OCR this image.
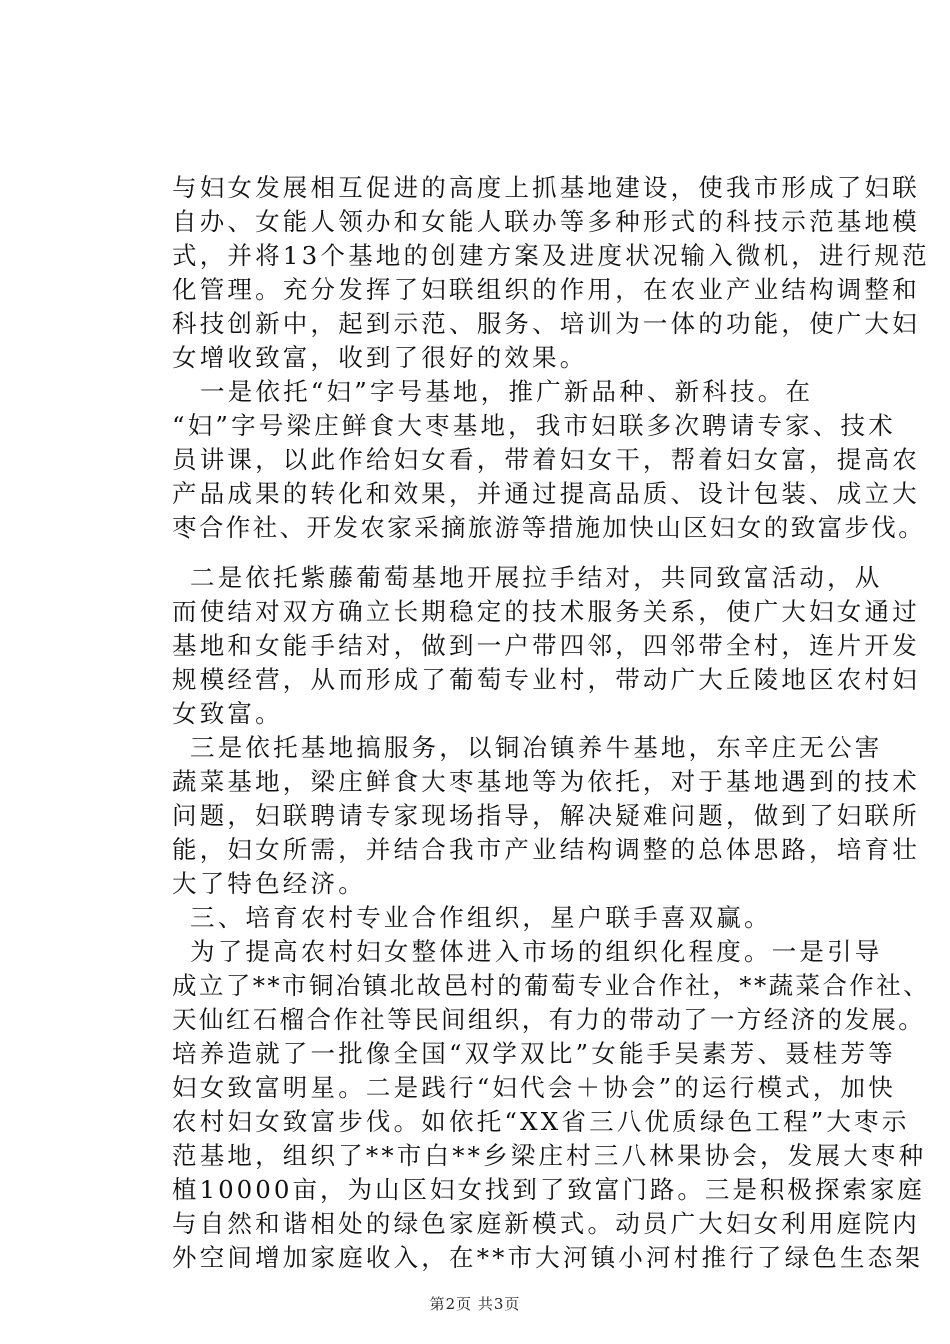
与妇女发展相互促进的高度上抓基地建设，使我市形成了妇联
自办、女能人领办和女能人联办等多种形式的科技示范基地模
式，并将13个基地的创建方案及进度状况输入微机，进行规范
化管理。充分发挥了妇联组织的作用，在农业产业结构调整和
科技创新中，起到示范、服务、培训为一体的功能，使广大妇
女增收致富，收到了很好的效果。
一是依托“妇”字号基地，推广新品种、新科技。在
“妇”字号梁庄鲜食大枣基地，我市妇联多次聘请专家、技术
员讲课，以此作给妇女看，带着妇女干，帮着妇女富，提高农
产品成果的转化和效果，并通过提高品质、设计包装、成立大
枣合作社、开发农家采摘旅游等措施加快山区妇女的致富步伐。
二是依托紫藤葡萄基地开展拉手结对，共同致富活动，从
而使结对双方确立长期稳定的技术服务关系，使广大妇女通过
基地和女能手结对，做到一户带四邻，四邻带全村，连片开发
规模经营，从而形成了葡萄专业村，带动广大丘陵地区农村妇
女致富。
三是依托基地搞服务，以铜冶镇养牛基地，东辛庄无公害
蔬菜基地，梁庄鲜食大枣基地等为依托，对于基地遇到的技术
问题，妇联聘请专家现场指导，解决疑难问题，做到了妇联所
能，妇女所需，并结合我市产业结构调整的总体思路，培育壮
大了特色经济。
三、培育农村专业合作组织，星户联手喜双赢。
为了提高农村妇女整体进入市场的组织化程度。一是引导
成立了**市铜冶镇北故邑村的葡萄专业合作社，**蔬菜合作社、
天仙红石榴合作社等民间组织，有力的带动了一方经济的发展。
培养造就了一批像全国“双学双比”女能手吴素芳、聂桂芳等
妇女致富明星。二是践行“妇代会＋协会”的运行模式，加快
农村妇女致富步伐。如依托“XX省三八优质绿色工程”大枣示
范基地，组织了**市白**乡梁庄村三八林果协会，发展大枣种
植10000亩，为山区妇女找到了致富门路。三是积极探索家庭
与自然和谐相处的绿色家庭新模式。动员广大妇女利用庭院内
外空间增加家庭收入，在**市大河镇小河村推行了绿色生态架
第2页 共3页
